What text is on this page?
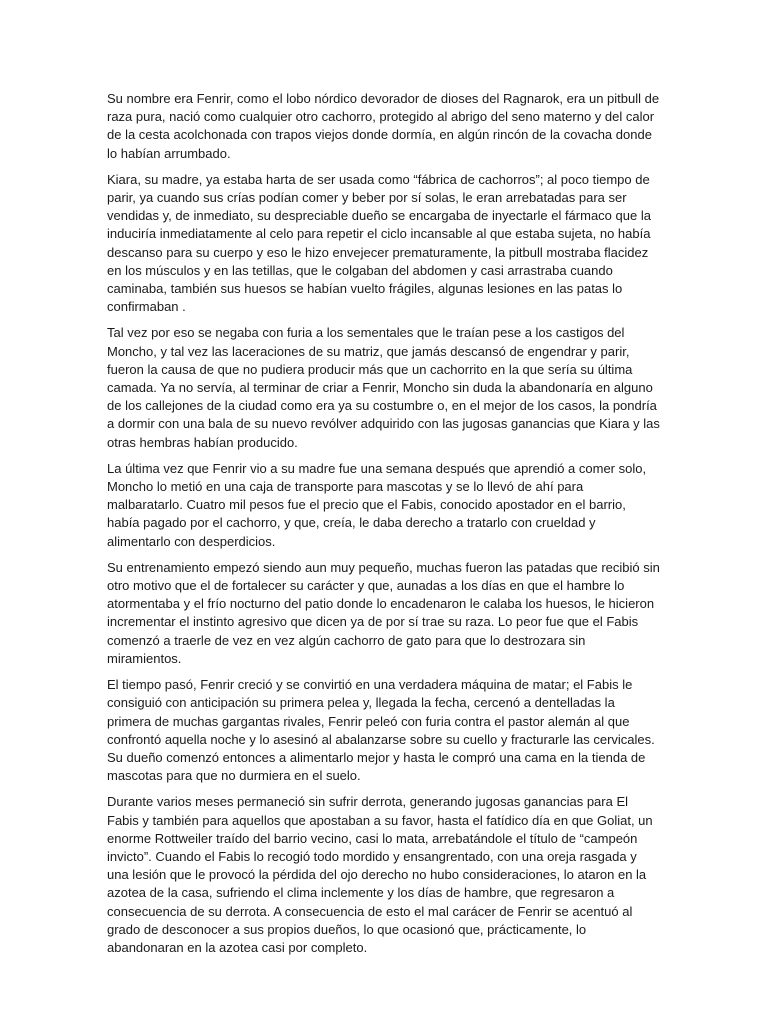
Su nombre era Fenrir, como el lobo nórdico devorador de dioses del Ragnarok, era un pitbull de raza pura, nació como cualquier otro cachorro, protegido al abrigo del seno materno y del calor de la cesta acolchonada con trapos viejos donde dormía, en algún rincón de la covacha donde lo habían arrumbado.

Kiara, su madre, ya estaba harta de ser usada como “fábrica de cachorros”; al poco tiempo de parir, ya cuando sus crías podían comer y beber por sí solas, le eran arrebatadas para ser vendidas y, de inmediato, su despreciable dueño se encargaba de inyectarle el fármaco que la induciría inmediatamente al celo para repetir el ciclo incansable al que estaba sujeta, no había descanso para su cuerpo y eso le hizo envejecer prematuramente, la pitbull mostraba flacidez en los músculos y en las tetillas, que le colgaban del abdomen y casi arrastraba cuando caminaba, también sus huesos se habían vuelto frágiles, algunas lesiones en las patas lo confirmaban .

Tal vez por eso se negaba con furia a los sementales que le traían pese a los castigos del Moncho, y tal vez las laceraciones de su matriz, que jamás descansó de engendrar y parir, fueron la causa de que no pudiera producir más que un cachorrito en la que sería su última camada. Ya no servía, al terminar de criar a Fenrir, Moncho sin duda la abandonaría en alguno de los callejones de la ciudad como era ya su costumbre o, en el mejor de los casos, la pondría a dormir con una bala de su nuevo revólver adquirido con las jugosas ganancias que Kiara y las otras hembras habían producido.

La última vez que Fenrir vio a su madre fue una semana después que aprendió a comer solo, Moncho lo metió en una caja de transporte para mascotas y se lo llevó de ahí para malbaratarlo. Cuatro mil pesos fue el precio que el Fabis, conocido apostador en el barrio, había pagado por el cachorro, y que, creía, le daba derecho a tratarlo con crueldad y alimentarlo con desperdicios.

Su entrenamiento empezó siendo aun muy pequeño, muchas fueron las patadas que recibió sin otro motivo que el de fortalecer su carácter y que, aunadas a los días en que el hambre lo atormentaba y el frío nocturno del patio donde lo encadenaron le calaba los huesos, le hicieron incrementar el instinto agresivo que dicen ya de por sí trae su raza. Lo peor fue que el Fabis comenzó a traerle de vez en vez algún cachorro de gato para que lo destrozara sin miramientos.

El tiempo pasó, Fenrir creció y se convirtió en una verdadera máquina de matar; el Fabis le consiguió con anticipación su primera pelea y, llegada la fecha, cercenó a dentelladas la primera de muchas gargantas rivales, Fenrir peleó con furia contra el pastor alemán al que confrontó aquella noche y lo asesinó al abalanzarse sobre su cuello y fracturarle las cervicales. Su dueño comenzó entonces a alimentarlo mejor y hasta le compró una cama en la tienda de mascotas para que no durmiera en el suelo.

Durante varios meses permaneció sin sufrir derrota, generando jugosas ganancias para El Fabis y también para aquellos que apostaban a su favor, hasta el fatídico día en que Goliat, un enorme Rottweiler traído del barrio vecino, casi lo mata, arrebatándole el título de “campeón invicto”. Cuando el Fabis lo recogió todo mordido y ensangrentado, con una oreja rasgada y una lesión que le provocó la pérdida del ojo derecho no hubo consideraciones, lo ataron en la azotea de la casa, sufriendo el clima inclemente y los días de hambre, que regresaron a consecuencia de su derrota. A consecuencia de esto el mal carácer de Fenrir se acentuó al grado de desconocer a sus propios dueños, lo que ocasionó que, prácticamente, lo abandonaran en la azotea casi por completo.
